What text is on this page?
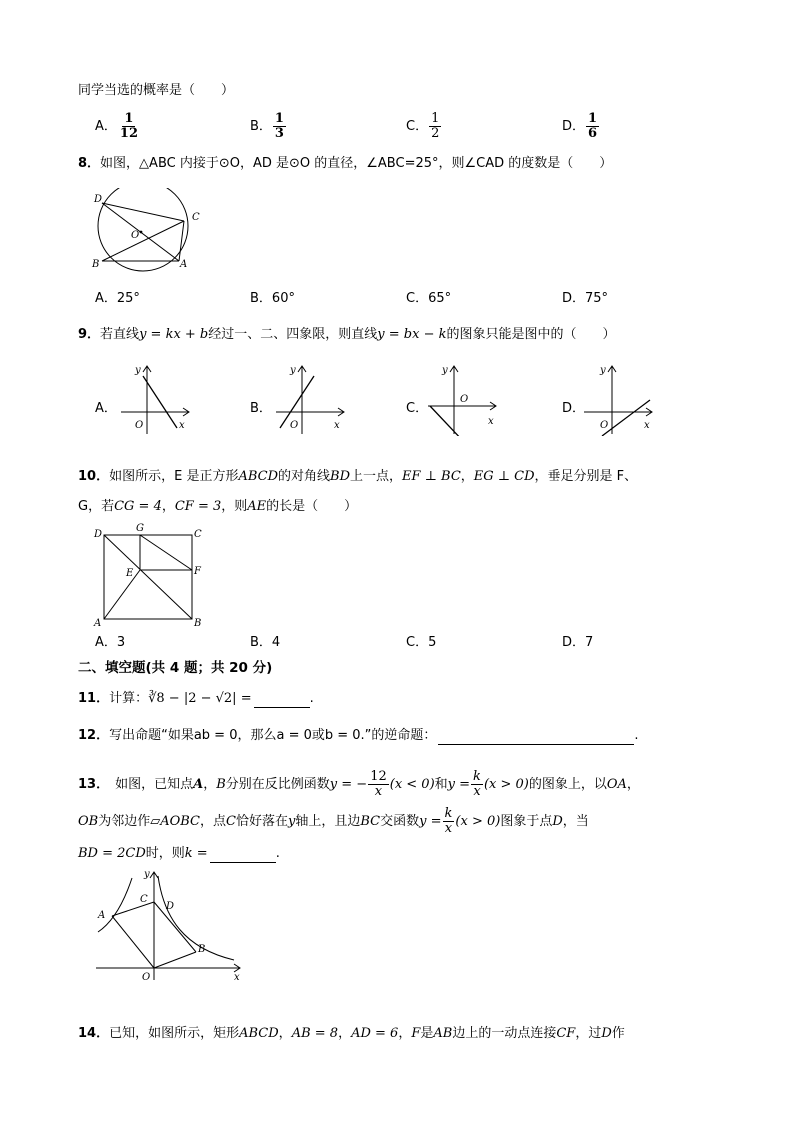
同学当选的概率是（　　）
A． $\frac{1}{12}$	B． $\frac{1}{3}$	C． $\frac{1}{2}$	D． $\frac{1}{6}$
8．如图，△ABC 内接于⊙O，AD 是⊙O 的直径，∠ABC=25°，则∠CAD 的度数是（　　）
D
C
O
B	A
A．25°	B．60°	C．65°	D．75°
9．若直线y = kx + b经过一、二、四象限，则直线y = bx − k的图象只能是图中的（　　）
A．
y
x
O
B．
y
x
O
C．
y
x
O
D．
y
x
O
10．如图所示，E 是正方形ABCD的对角线BD上一点，EF ⊥ BC，EG ⊥ CD，垂足分别是 F、
G，若CG = 4，CF = 3，则AE的长是（　　）
D
G
C
E	F
A	B
A．3	B．4	C．5	D．7
二、填空题(共 4 题；共 20 分)
11．计算：∛8 − |2 − √2| =	.
12．写出命题“如果ab = 0，那么a = 0或b = 0.”的逆命题：	.
13． 如图，已知点A，B分别在反比例函数y = − $\frac{12}{x} (x < 0)$和$y = \frac{k}{x} (x > 0)$的图象上，以OA，
OB为邻边作▱AOBC，点C恰好落在y轴上，且边BC交函数$y = \frac{k}{x} (x > 0)$图象于点D，当
BD = 2CD时，则k =	.
y
C
D
A
B
O	x
14．已知，如图所示，矩形ABCD，AB = 8，AD = 6，F是AB边上的一动点连接CF，过D作
